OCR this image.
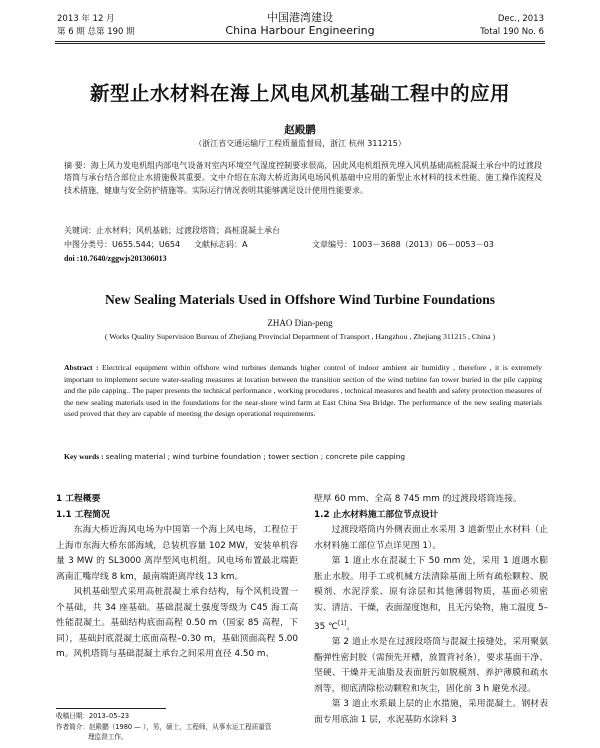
2013 年 12 月
第 6 期 总第 190 期
中国港湾建设
China Harbour Engineering
Dec., 2013
Total 190 No. 6
新型止水材料在海上风电风机基础工程中的应用
赵殿鹏
（浙江省交通运输厅工程质量监督局，浙江 杭州 311215）
摘 要：海上风力发电机组内部电气设备对室内环境空气湿度控制要求很高，因此风电机组预先埋入风机基础高桩混凝土承台中的过渡段塔筒与承台结合部位止水措施极其重要。文中介绍在东海大桥近海风电场风机基础中应用的新型止水材料的技术性能、施工操作流程及技术措施、健康与安全防护措施等。实际运行情况表明其能够满足设计使用性能要求。
关键词：止水材料；风机基础；过渡段塔筒；高桩混凝土承台
中图分类号：U655.544；U654 文献标志码：A	文章编号：1003－3688（2013）06－0053－03
doi :10.7640/zggwjs201306013
New Sealing Materials Used in Offshore Wind Turbine Foundations
ZHAO Dian-peng
( Works Quality Supervision Bureau of Zhejiang Provincial Department of Transport , Hangzhou , Zhejiang 311215 , China )
Abstract : Electrical equipment within offshore wind turbines demands higher control of indoor ambient air humidity , therefore , it is extremely important to implement secure water-sealing measures at location between the transition section of the wind turbine fan tower buried in the pile capping and the pile capping.. The paper presents the technical performance , working procedures , technical measures and health and safety protection measures of the new sealing materials used in the foundations for the near-shore wind farm at East China Sea Bridge. The performance of the new sealing materials used proved that they are capable of meeting the design operational requirements.
Key words : sealing material ; wind turbine foundation ; tower section ; concrete pile capping

1 工程概要

1.1 工程简况

东海大桥近海风电场为中国第一个海上风电场，工程位于上海市东海大桥东部海域，总装机容量 102 MW，安装单机容量 3 MW 的 SL3000 离岸型风电机组。风电场布置最北端距离南汇嘴岸线 8 km，最南端距离岸线 13 km。

风机基础型式采用高桩混凝土承台结构，每个风机设置一个基础，共 34 座基础。基础混凝土强度等级为 C45 海工高性能混凝土。基础结构底面高程 0.50 m（国家 85 高程，下同），基础封底混凝土底面高程–0.30 m，基础顶面高程 5.00 m。风机塔筒与基础混凝土承台之间采用直径 4.50 m、

壁厚 60 mm、全高 8 745 mm 的过渡段塔筒连接。

1.2 止水材料施工部位节点设计

过渡段塔筒内外侧表面止水采用 3 道新型止水材料（止水材料施工部位节点详见图 1）。

第 1 道止水在混凝土下 50 mm 处，采用 1 道遇水膨胀止水胶。用手工或机械方法清除基面上所有疏松颗粒、脱模剂、水泥浮浆、原有涂层和其他薄弱物质，基面必须密实、清洁、干燥，表面湿度饱和，且无污染物，施工温度 5–35 ℃[1]。

第 2 道止水是在过渡段塔筒与混凝土接缝处，采用聚氨酯弹性密封胶（需预先开槽，放置背衬条），要求基面干净、坚硬、干燥并无油脂及表面脏污如脱模剂、养护薄膜和疏水剂等，彻底清除松动颗粒和灰尘，固化前 3 h 避免水浸。

第 3 道止水系最上层的止水措施，采用混凝土。钢材表面专用底油 1 层，水泥基防水涂料 3

收稿日期：2013–05–23
作者简介：赵殿鹏（1980 — ），男，硕士，工程师，从事水运工程质量管
理监督工作。
